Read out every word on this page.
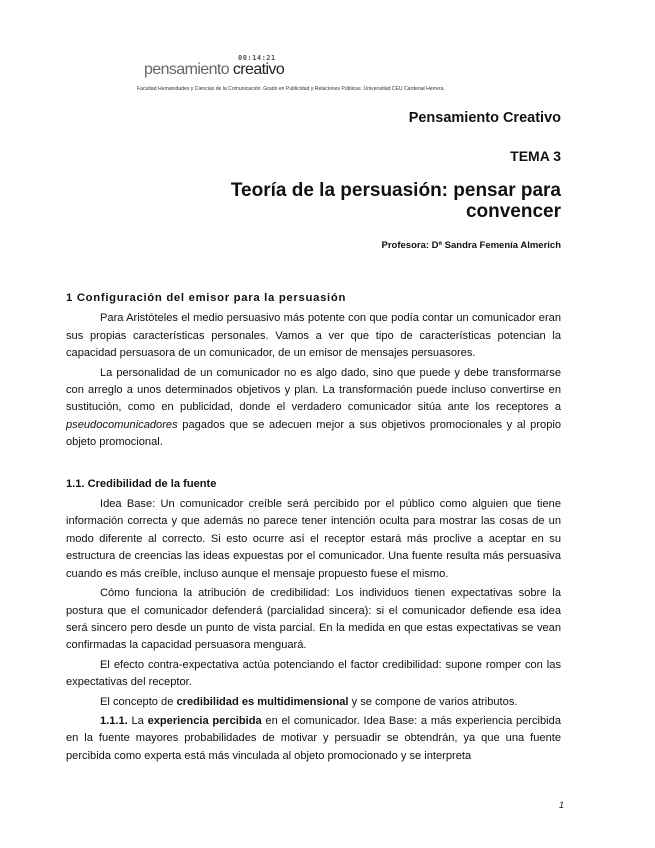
00:14:21
pensamiento creativo
Facultad Humanidades y Ciencias de la Comunicación. Grado en Publicidad y Relaciones Públicas. Universidad CEU Cardenal Herrera.
Pensamiento Creativo
TEMA 3
Teoría de la persuasión: pensar para convencer
Profesora: Dª Sandra Femenía Almerich
1 Configuración del emisor para la persuasión

Para Aristóteles el medio persuasivo más potente con que podía contar un comunicador eran sus propias características personales. Vamos a ver que tipo de características potencian la capacidad persuasora de un comunicador, de un emisor de mensajes persuasores.

La personalidad de un comunicador no es algo dado, sino que puede y debe transformarse con arreglo a unos determinados objetivos y plan. La transformación puede incluso convertirse en sustitución, como en publicidad, donde el verdadero comunicador sitúa ante los receptores a pseudocomunicadores pagados que se adecuen mejor a sus objetivos promocionales y al propio objeto promocional.

1.1. Credibilidad de la fuente

Idea Base: Un comunicador creíble será percibido por el público como alguien que tiene información correcta y que además no parece tener intención oculta para mostrar las cosas de un modo diferente al correcto. Si esto ocurre así el receptor estará más proclive a aceptar en su estructura de creencias las ideas expuestas por el comunicador. Una fuente resulta más persuasiva cuando es más creíble, incluso aunque el mensaje propuesto fuese el mismo.

Cómo funciona la atribución de credibilidad: Los individuos tienen expectativas sobre la postura que el comunicador defenderá (parcialidad sincera): si el comunicador defiende esa idea será sincero pero desde un punto de vista parcial. En la medida en que estas expectativas se vean confirmadas la capacidad persuasora menguará.

El efecto contra-expectativa actúa potenciando el factor credibilidad: supone romper con las expectativas del receptor.

El concepto de credibilidad es multidimensional y se compone de varios atributos.

1.1.1. La experiencia percibida en el comunicador. Idea Base: a más experiencia percibida en la fuente mayores probabilidades de motivar y persuadir se obtendrán, ya que una fuente percibida como experta está más vinculada al objeto promocionado y se interpreta

1
